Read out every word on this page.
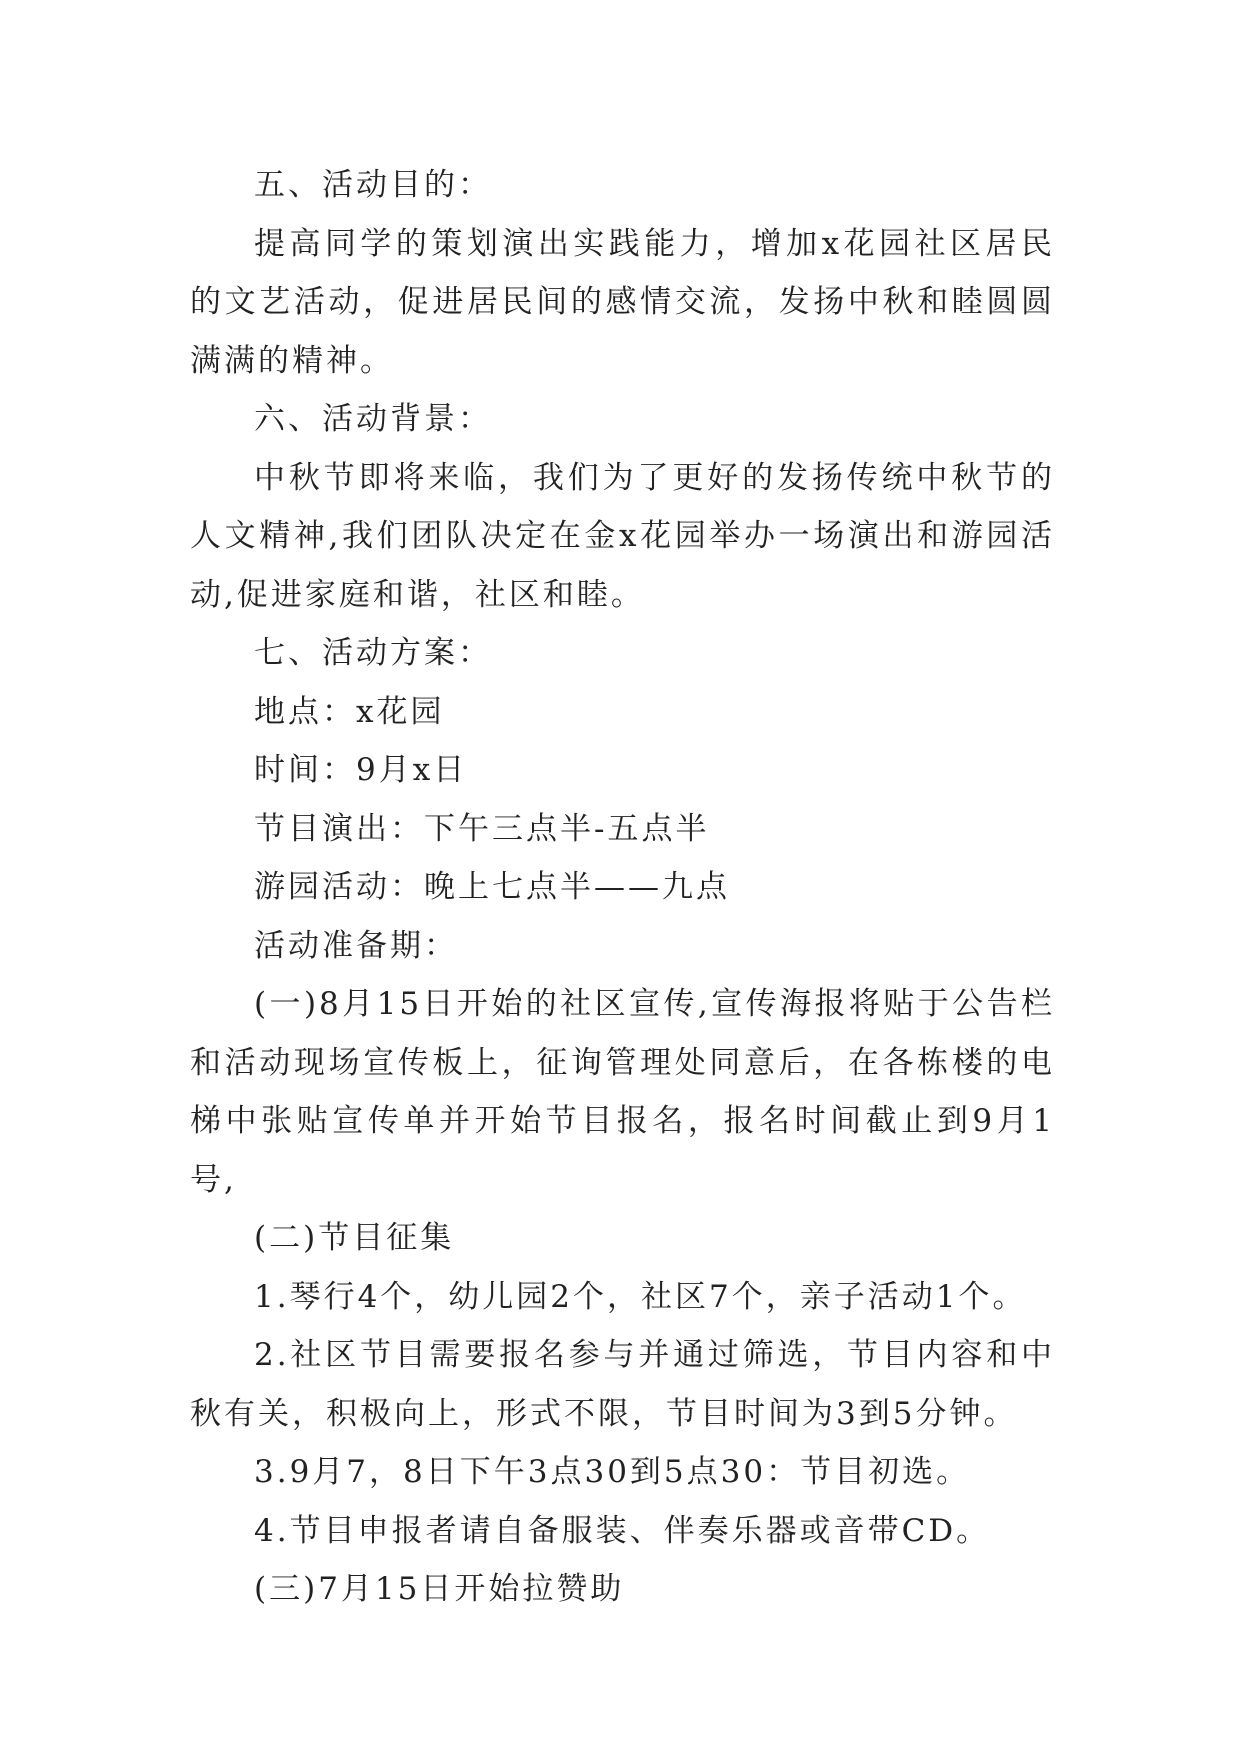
五、活动目的：

提高同学的策划演出实践能力，增加x花园社区居民的文艺活动，促进居民间的感情交流，发扬中秋和睦圆圆满满的精神。

六、活动背景：

中秋节即将来临，我们为了更好的发扬传统中秋节的人文精神,我们团队决定在金x花园举办一场演出和游园活动,促进家庭和谐，社区和睦。

七、活动方案：

地点：x花园

时间：9月x日

节目演出：下午三点半-五点半

游园活动：晚上七点半——九点

活动准备期：

(一)8月15日开始的社区宣传,宣传海报将贴于公告栏和活动现场宣传板上，征询管理处同意后，在各栋楼的电梯中张贴宣传单并开始节目报名，报名时间截止到9月1号,

(二)节目征集

1.琴行4个，幼儿园2个，社区7个，亲子活动1个。

2.社区节目需要报名参与并通过筛选，节目内容和中秋有关，积极向上，形式不限，节目时间为3到5分钟。

3.9月7，8日下午3点30到5点30：节目初选。

4.节目申报者请自备服装、伴奏乐器或音带CD。

(三)7月15日开始拉赞助
